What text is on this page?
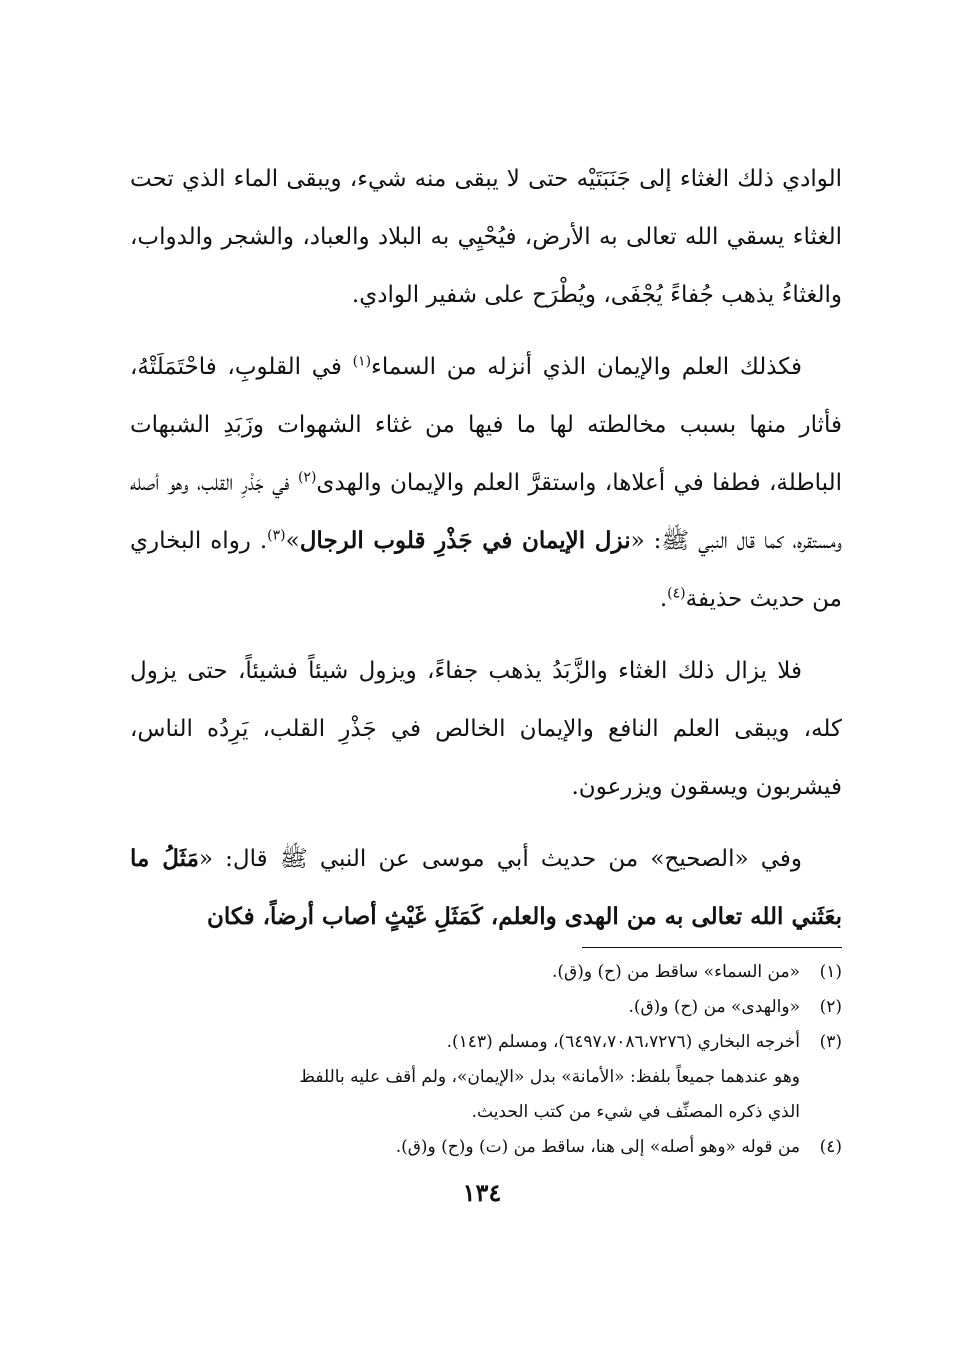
الوادي ذلك الغثاء إلى جَنَبَتَيْه حتى لا يبقى منه شيء، ويبقى الماء الذي تحت الغثاء يسقي الله تعالى به الأرض، فيُحْيِي به البلاد والعباد، والشجر والدواب، والغثاءُ يذهب جُفاءً يُجْفَى، ويُطْرَح على شفير الوادي.

فكذلك العلم والإيمان الذي أنزله من السماء$^{(١)}$ في القلوبِ، فاحْتَمَلَتْهُ، فأثار منها بسبب مخالطته لها ما فيها من غثاء الشهوات وزَبَدِ الشبهات الباطلة، فطفا في أعلاها، واستقرَّ العلم والإيمان والهدى$^{(٢)}$ في جَذْرِ القلب، وهو أصله ومستقره، كما قال النبي ﷺ: «نزل الإيمان في جَذْرِ قلوب الرجال»$^{(٣)}$. رواه البخاري من حديث حذيفة$^{(٤)}$.

فلا يزال ذلك الغثاء والزَّبَدُ يذهب جفاءً، ويزول شيئاً فشيئاً، حتى يزول كله، ويبقى العلم النافع والإيمان الخالص في جَذْرِ القلب، يَرِدُه الناس، فيشربون ويسقون ويزرعون.

وفي «الصحيح» من حديث أبي موسى عن النبي ﷺ قال: «مَثَلُ ما بعَثَني الله تعالى به من الهدى والعلم، كَمَثَلِ غَيْثٍ أصاب أرضاً، فكان

(١)
«من السماء» ساقط من (ح) و(ق).
(٢)
«والهدى» من (ح) و(ق).
(٣)
أخرجه البخاري (٦٤٩٧،٧٠٨٦،٧٢٧٦)، ومسلم (١٤٣).
وهو عندهما جميعاً بلفظ: «الأمانة» بدل «الإيمان»، ولم أقف عليه باللفظ
الذي ذكره المصنِّف في شيء من كتب الحديث.
(٤)
من قوله «وهو أصله» إلى هنا، ساقط من (ت) و(ح) و(ق).
١٣٤
